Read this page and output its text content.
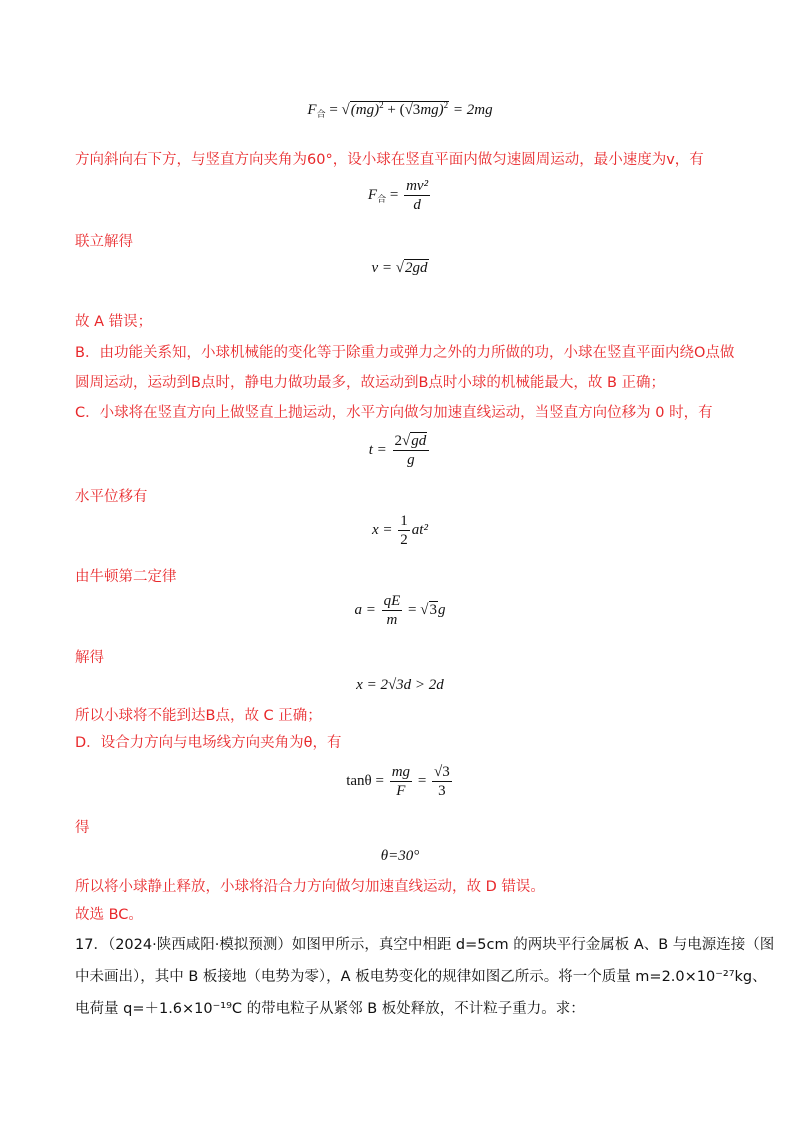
$F_合 = √(mg)^2 + (√3mg)^2 = 2mg$
方向斜向右下方，与竖直方向夹角为60°，设小球在竖直平面内做匀速圆周运动，最小速度为v，有
$F_合 = \frac{\text{mv²}}{d}$
联立解得
v = √2gd
故 A 错误；
B．由功能关系知，小球机械能的变化等于除重力或弹力之外的力所做的功，小球在竖直平面内绕O点做
圆周运动，运动到B点时，静电力做功最多，故运动到B点时小球的机械能最大，故 B 正确；
C．小球将在竖直方向上做竖直上抛运动，水平方向做匀加速直线运动，当竖直方向位移为 0 时，有
$t = \frac{2√gd}{g}$
水平位移有
$x = \frac{1}{2} at^2$
由牛顿第二定律
$a = \frac{qE}{m} = √3g$
解得
x = 2√3d > 2d
所以小球将不能到达B点，故 C 正确；
D．设合力方向与电场线方向夹角为θ，有
$\tan\theta = \frac{mg}{F} = \frac{√3}{3}$
得
θ=30°
所以将小球静止释放，小球将沿合力方向做匀加速直线运动，故 D 错误。
故选 BC。
17．（2024·陕西咸阳·模拟预测）如图甲所示，真空中相距 d=5cm 的两块平行金属板 A、B 与电源连接（图
中未画出），其中 B 板接地（电势为零），A 板电势变化的规律如图乙所示。将一个质量 m=2.0×10⁻²⁷kg、
电荷量 q=＋1.6×10⁻¹⁹C 的带电粒子从紧邻 B 板处释放，不计粒子重力。求：
